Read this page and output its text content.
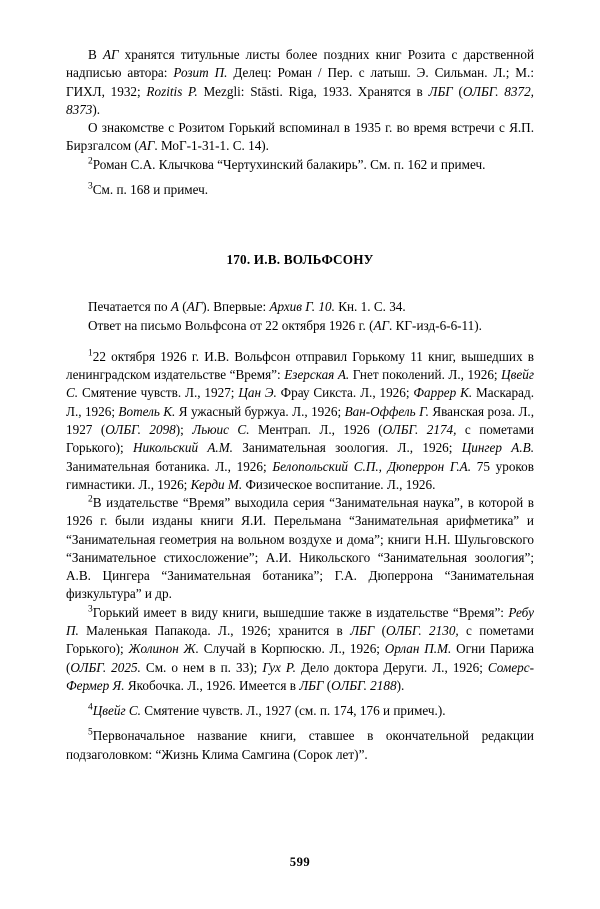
В АГ хранятся титульные листы более поздних книг Розита с дарственной надписью автора: Розит П. Делец: Роман / Пер. с латыш. Э. Сильман. Л.; М.: ГИХЛ, 1932; Rozitis P. Mezgli: Stāsti. Riga, 1933. Хранятся в ЛБГ (ОЛБГ. 8372, 8373).

О знакомстве с Розитом Горький вспоминал в 1935 г. во время встречи с Я.П. Бирзгалсом (АГ. МоГ-1-31-1. С. 14).

$^2$Роман С.А. Клычкова “Чертухинский балакирь”. См. п. 162 и примеч.

$^3$См. п. 168 и примеч.

170. И.В. ВОЛЬФСОНУ

Печатается по А (АГ). Впервые: Архив Г. 10. Кн. 1. С. 34.

Ответ на письмо Вольфсона от 22 октября 1926 г. (АГ. КГ-изд-6-6-11).

$^1$22 октября 1926 г. И.В. Вольфсон отправил Горькому 11 книг, вышедших в ленинградском издательстве “Время”: Езерская А. Гнет поколений. Л., 1926; Цвейг С. Смятение чувств. Л., 1927; Цан Э. Фрау Сикста. Л., 1926; Фаррер К. Маскарад. Л., 1926; Вотель К. Я ужасный буржуа. Л., 1926; Ван-Оффель Г. Яванская роза. Л., 1927 (ОЛБГ. 2098); Льюис С. Ментрап. Л., 1926 (ОЛБГ. 2174, с пометами Горького); Никольский А.М. Занимательная зоология. Л., 1926; Цингер А.В. Занимательная ботаника. Л., 1926; Белопольский С.П., Дюперрон Г.А. 75 уроков гимнастики. Л., 1926; Керди М. Физическое воспитание. Л., 1926.

$^2$В издательстве “Время” выходила серия “Занимательная наука”, в которой в 1926 г. были изданы книги Я.И. Перельмана “Занимательная арифметика” и “Занимательная геометрия на вольном воздухе и дома”; книги Н.Н. Шульговского “Занимательное стихосложение”; А.И. Никольского “Занимательная зоология”; А.В. Цингера “Занимательная ботаника”; Г.А. Дюперрона “Занимательная физкультура” и др.

$^3$Горький имеет в виду книги, вышедшие также в издательстве “Время”: Ребу П. Маленькая Папакода. Л., 1926; хранится в ЛБГ (ОЛБГ. 2130, с пометами Горького); Жолинон Ж. Случай в Корпюскю. Л., 1926; Орлан П.М. Огни Парижа (ОЛБГ. 2025. См. о нем в п. 33); Гух Р. Дело доктора Деруги. Л., 1926; Сомерс-Фермер Я. Якобочка. Л., 1926. Имеется в ЛБГ (ОЛБГ. 2188).

$^4$Цвейг С. Смятение чувств. Л., 1927 (см. п. 174, 176 и примеч.).

$^5$Первоначальное название книги, ставшее в окончательной редакции подзаголовком: “Жизнь Клима Самгина (Сорок лет)”.

599
